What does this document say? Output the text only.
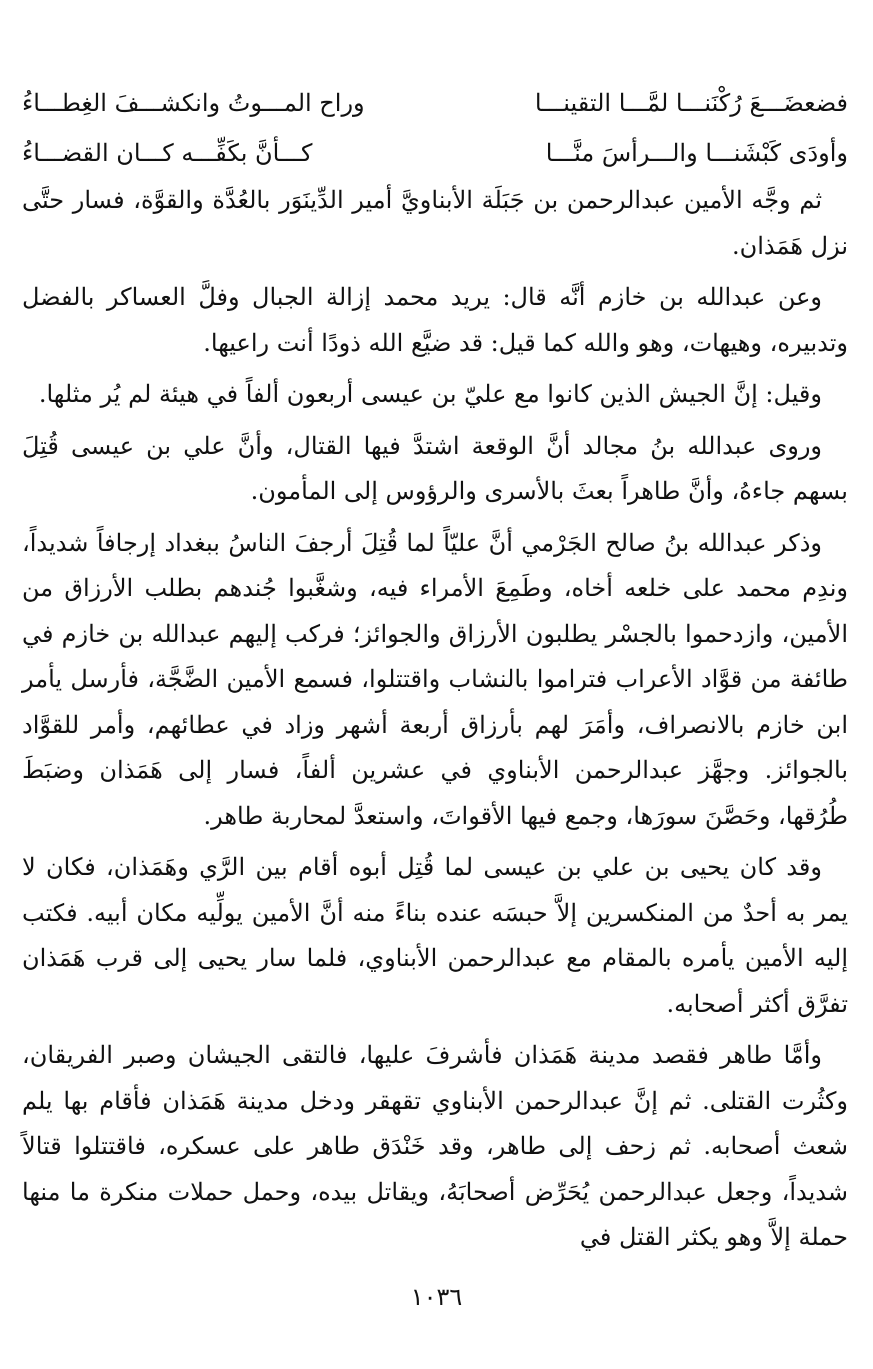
فضعضَـــعَ رُكْنَنـــا لمَّـــا التقينـــا
وراح المـــوتُ وانكشـــفَ الغِطـــاءُ
وأودَى كَبْشَنـــا والـــرأسَ منَّـــا
كـــأنَّ بكَفِّـــه كـــان القضـــاءُ

ثم وجَّه الأمين عبدالرحمن بن جَبَلَة الأبناويَّ أمير الدِّينَوَر بالعُدَّة والقوَّة، فسار حتَّى نزل هَمَذان.

وعن عبدالله بن خازم أنَّه قال: يريد محمد إزالة الجبال وفلَّ العساكر بالفضل وتدبيره، وهيهات، وهو والله كما قيل: قد ضيَّع الله ذودًا أنت راعيها.

وقيل: إنَّ الجيش الذين كانوا مع عليّ بن عيسى أربعون ألفاً في هيئة لم يُر مثلها.

وروى عبدالله بنُ مجالد أنَّ الوقعة اشتدَّ فيها القتال، وأنَّ علي بن عيسى قُتِلَ بسهم جاءهُ، وأنَّ طاهراً بعثَ بالأسرى والرؤوس إلى المأمون.

وذكر عبدالله بنُ صالح الجَرْمي أنَّ عليّاً لما قُتِلَ أرجفَ الناسُ ببغداد إرجافاً شديداً، وندِم محمد على خلعه أخاه، وطَمِعَ الأمراء فيه، وشغَّبوا جُندهم بطلب الأرزاق من الأمين، وازدحموا بالجسْر يطلبون الأرزاق والجوائز؛ فركب إليهم عبدالله بن خازم في طائفة من قوَّاد الأعراب فتراموا بالنشاب واقتتلوا، فسمع الأمين الضَّجَّة، فأرسل يأمر ابن خازم بالانصراف، وأمَرَ لهم بأرزاق أربعة أشهر وزاد في عطائهم، وأمر للقوَّاد بالجوائز. وجهَّز عبدالرحمن الأبناوي في عشرين ألفاً، فسار إلى هَمَذان وضبَطَ طُرُقها، وحَصَّنَ سورَها، وجمع فيها الأقواتَ، واستعدَّ لمحاربة طاهر.

وقد كان يحيى بن علي بن عيسى لما قُتِل أبوه أقام بين الرَّي وهَمَذان، فكان لا يمر به أحدٌ من المنكسرين إلاَّ حبسَه عنده بناءً منه أنَّ الأمين يولِّيه مكان أبيه. فكتب إليه الأمين يأمره بالمقام مع عبدالرحمن الأبناوي، فلما سار يحيى إلى قرب هَمَذان تفرَّق أكثر أصحابه.

وأمَّا طاهر فقصد مدينة هَمَذان فأشرفَ عليها، فالتقى الجيشان وصبر الفريقان، وكثُرت القتلى. ثم إنَّ عبدالرحمن الأبناوي تقهقر ودخل مدينة هَمَذان فأقام بها يلم شعث أصحابه. ثم زحف إلى طاهر، وقد خَنْدَق طاهر على عسكره، فاقتتلوا قتالاً شديداً، وجعل عبدالرحمن يُحَرِّض أصحابَهُ، ويقاتل بيده، وحمل حملات منكرة ما منها حملة إلاَّ وهو يكثر القتل في

١٠٣٦
